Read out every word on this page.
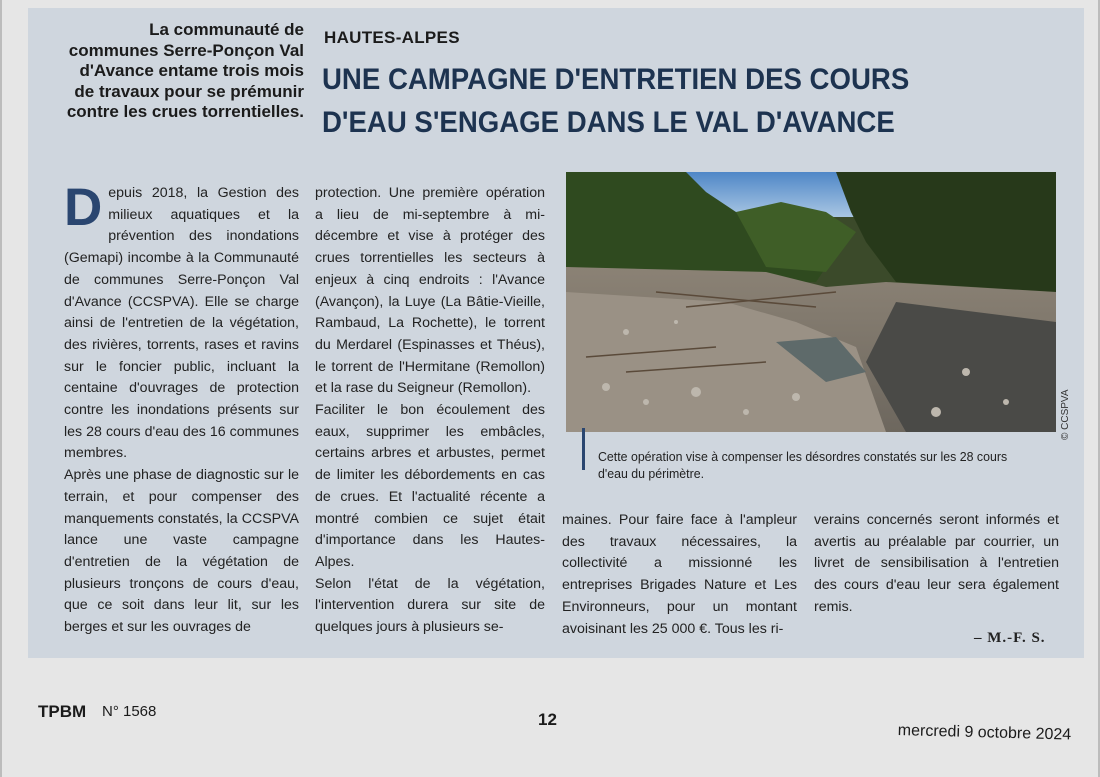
La communauté de communes Serre-Ponçon Val d'Avance entame trois mois de travaux pour se prémunir contre les crues torrentielles.
HAUTES-ALPES
UNE CAMPAGNE D'ENTRETIEN DES COURS D'EAU S'ENGAGE DANS LE VAL D'AVANCE

Depuis 2018, la Gestion des milieux aquatiques et la prévention des inondations (Gemapi) incombe à la Communauté de communes Serre-Ponçon Val d'Avance (CCSPVA). Elle se charge ainsi de l'entretien de la végétation, des rivières, torrents, rases et ravins sur le foncier public, incluant la centaine d'ouvrages de protection contre les inondations présents sur les 28 cours d'eau des 16 communes membres.

Après une phase de diagnostic sur le terrain, et pour compenser des manquements constatés, la CCSPVA lance une vaste campagne d'entretien de la végétation de plusieurs tronçons de cours d'eau, que ce soit dans leur lit, sur les berges et sur les ouvrages de

protection. Une première opération a lieu de mi-septembre à mi-décembre et vise à protéger des crues torrentielles les secteurs à enjeux à cinq endroits : l'Avance (Avançon), la Luye (La Bâtie-Vieille, Rambaud, La Rochette), le torrent du Merdarel (Espinasses et Théus), le torrent de l'Hermitane (Remollon) et la rase du Seigneur (Remollon).

Faciliter le bon écoulement des eaux, supprimer les embâcles, certains arbres et arbustes, permet de limiter les débordements en cas de crues. Et l'actualité récente a montré combien ce sujet était d'importance dans les Hautes-Alpes.

Selon l'état de la végétation, l'intervention durera sur site de quelques jours à plusieurs se-

© CCSPVA
Cette opération vise à compenser les désordres constatés sur les 28 cours d'eau du périmètre.

maines. Pour faire face à l'ampleur des travaux nécessaires, la collectivité a missionné les entreprises Brigades Nature et Les Environneurs, pour un montant avoisinant les 25 000 €. Tous les ri-

verains concernés seront informés et avertis au préalable par courrier, un livret de sensibilisation à l'entretien des cours d'eau leur sera également remis.

– M.-F. S.
TPBM N° 1568	12
mercredi 9 octobre 2024
